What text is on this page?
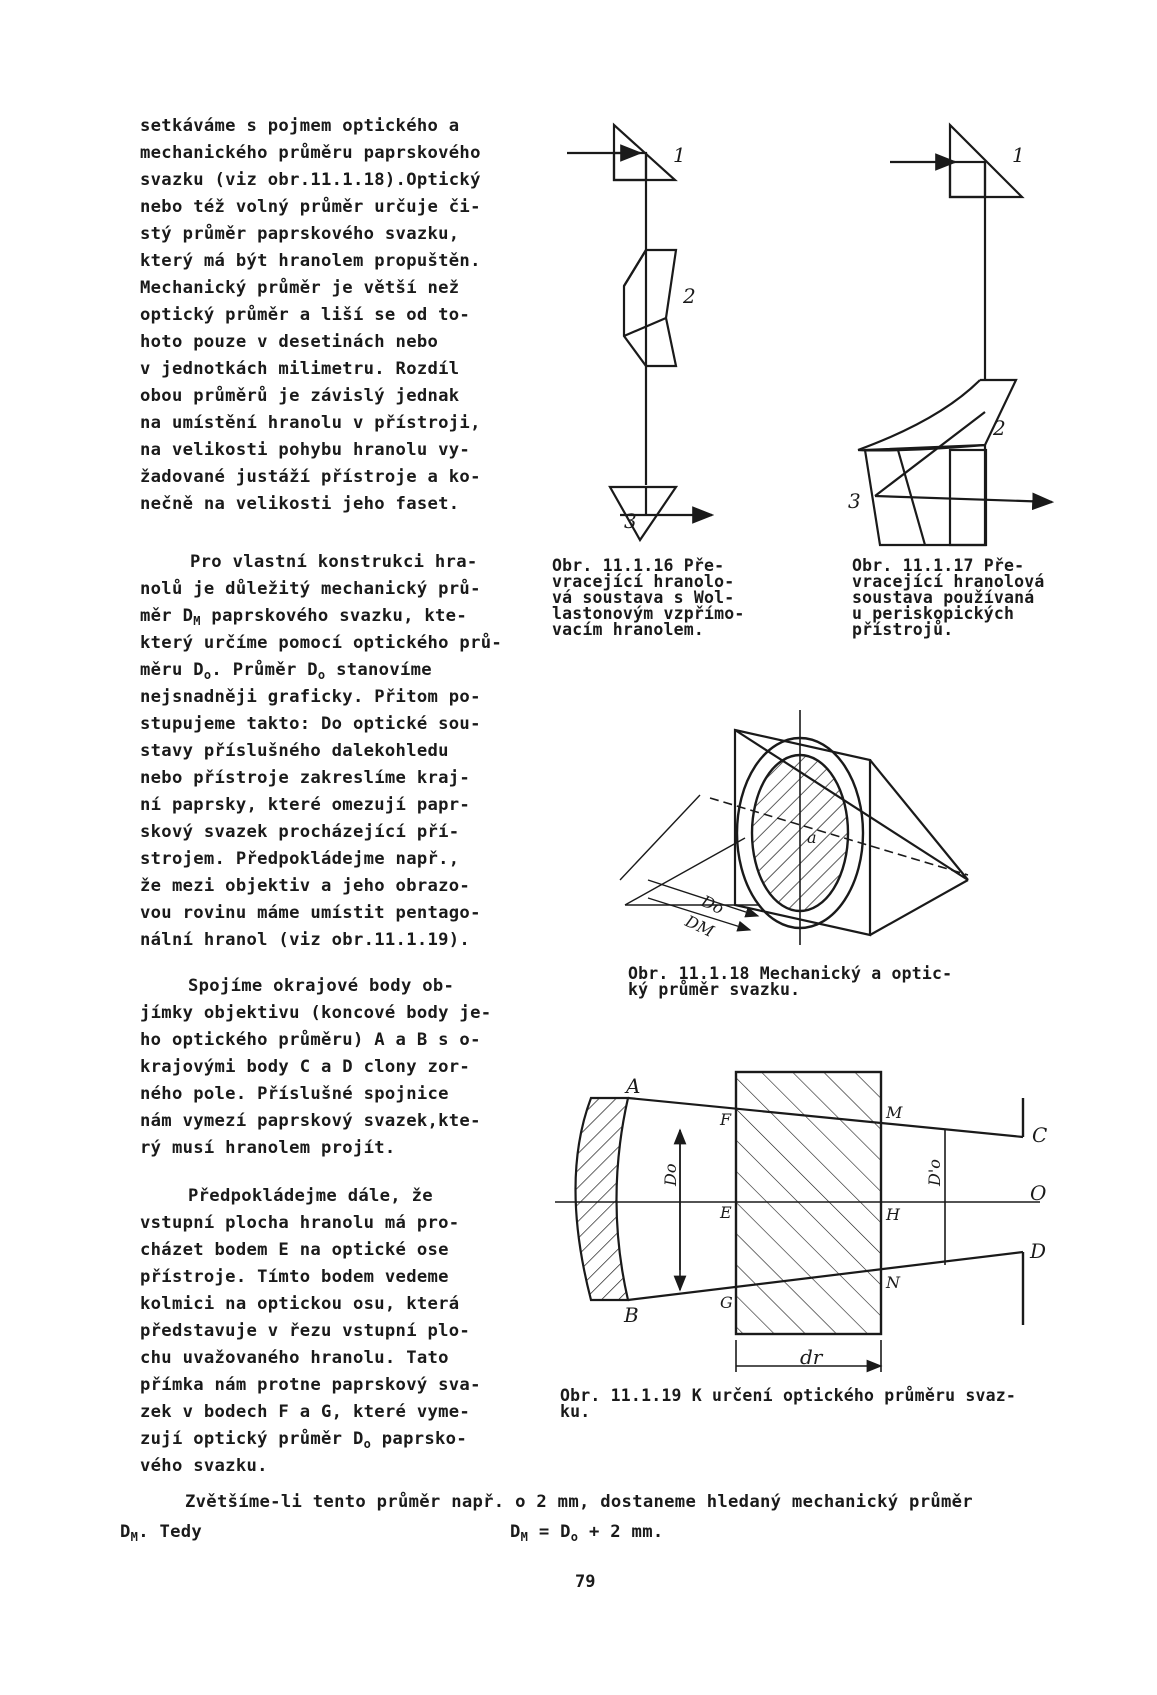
setkáváme s pojmem optického a
mechanického průměru paprskového
svazku (viz obr.11.1.18).Optický
nebo též volný průměr určuje či-
stý průměr paprskového svazku,
který má být hranolem propuštěn.
Mechanický průměr je větší než
optický průměr a liší se od to-
hoto pouze v desetinách nebo
v jednotkách milimetru. Rozdíl
obou průměrů je závislý jednak
na umístění hranolu v přístroji,
na velikosti pohybu hranolu vy-
žadované justáží přístroje a ko-
nečně na velikosti jeho faset.
Pro vlastní konstrukci hra-
nolů je důležitý mechanický prů-
měr $D_M$ paprskového svazku, kte-
který určíme pomocí optického prů-
měru $D_o$. Průměr $D_o$ stanovíme
nejsnadněji graficky. Přitom po-
stupujeme takto: Do optické sou-
stavy příslušného dalekohledu
nebo přístroje zakreslíme kraj-
ní paprsky, které omezují papr-
skový svazek procházející pří-
strojem. Předpokládejme např.,
že mezi objektiv a jeho obrazo-
vou rovinu máme umístit pentago-
nální hranol (viz obr.11.1.19).
Spojíme okrajové body ob-
jímky objektivu (koncové body je-
ho optického průměru) A a B s o-
krajovými body C a D clony zor-
ného pole. Příslušné spojnice
nám vymezí paprskový svazek,kte-
rý musí hranolem projít.
Předpokládejme dále, že
vstupní plocha hranolu má pro-
cházet bodem E na optické ose
přístroje. Tímto bodem vedeme
kolmici na optickou osu, která
představuje v řezu vstupní plo-
chu uvažovaného hranolu. Tato
přímka nám protne paprskový sva-
zek v bodech F a G, které vyme-
zují optický průměr $D_o$ paprsko-
vého svazku.
Zvětšíme-li tento průměr např. o 2 mm, dostaneme hledaný mechanický průměr
$D_M$. Tedy	$D_M = D_o + 2$ mm.
79
Obr. 11.1.16 Pře-
vracející hranolo-
vá soustava s Wol-
lastonovým vzpřímo-
vacím hranolem.
Obr. 11.1.17 Pře-
vracející hranolová
soustava používaná
u periskopických
přístrojů.
Obr. 11.1.18 Mechanický a optic-
ký průměr svazku.
Obr. 11.1.19 K určení optického průměru svaz-
ku.
1
2
3
1
2
3
a
Do
DM
A
B
C
D
O
F
E
G
M
H
N
Do	D'o
dr
